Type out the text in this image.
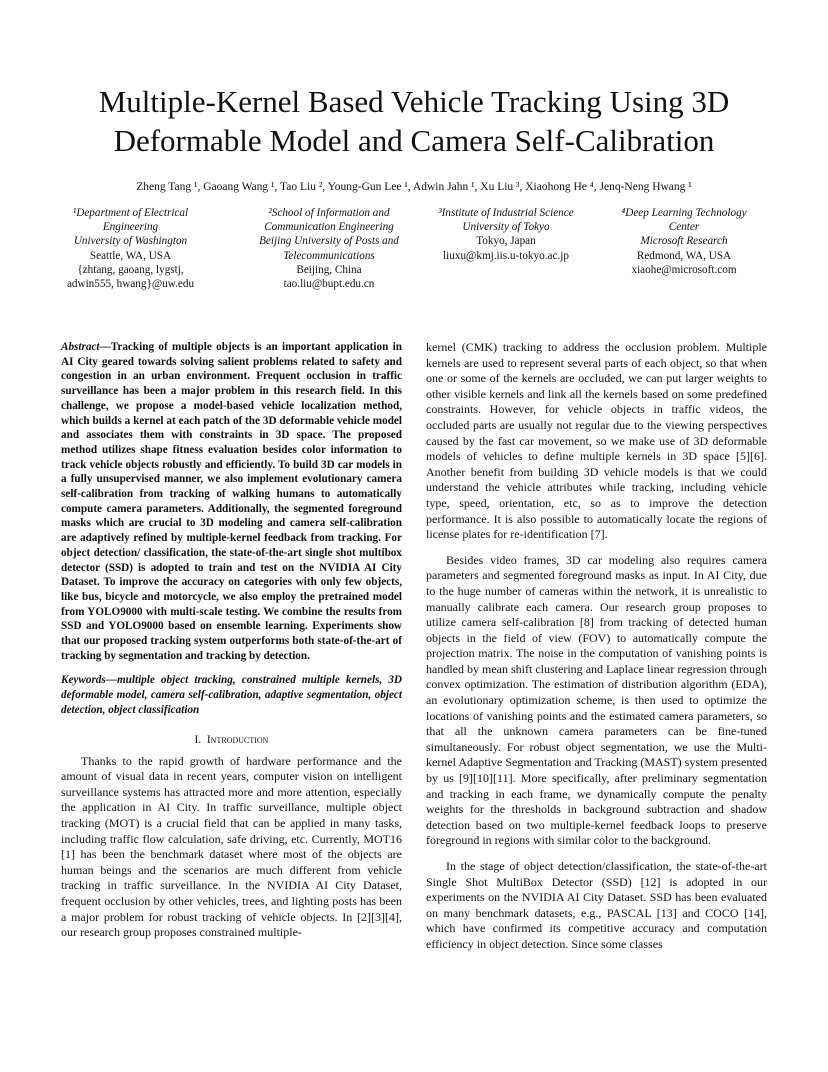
Multiple-Kernel Based Vehicle Tracking Using 3D
Deformable Model and Camera Self-Calibration
Zheng Tang ¹, Gaoang Wang ¹, Tao Liu ², Young-Gun Lee ¹, Adwin Jahn ¹, Xu Liu ³, Xiaohong He ⁴, Jenq-Neng Hwang ¹
¹Department of Electrical
Engineering
University of Washington
Seattle, WA, USA
{zhtang, gaoang, lygstj,
adwin555, hwang}@uw.edu
²School of Information and
Communication Engineering
Beijing University of Posts and
Telecommunications
Beijing, China
tao.liu@bupt.edu.cn
³Institute of Industrial Science
University of Tokyo
Tokyo, Japan
liuxu@kmj.iis.u-tokyo.ac.jp
⁴Deep Learning Technology
Center
Microsoft Research
Redmond, WA, USA
xiaohe@microsoft.com

Abstract—Tracking of multiple objects is an important application in AI City geared towards solving salient problems related to safety and congestion in an urban environment. Frequent occlusion in traffic surveillance has been a major problem in this research field. In this challenge, we propose a model-based vehicle localization method, which builds a kernel at each patch of the 3D deformable vehicle model and associates them with constraints in 3D space. The proposed method utilizes shape fitness evaluation besides color information to track vehicle objects robustly and efficiently. To build 3D car models in a fully unsupervised manner, we also implement evolutionary camera self-calibration from tracking of walking humans to automatically compute camera parameters. Additionally, the segmented foreground masks which are crucial to 3D modeling and camera self-calibration are adaptively refined by multiple-kernel feedback from tracking. For object detection/ classification, the state-of-the-art single shot multibox detector (SSD) is adopted to train and test on the NVIDIA AI City Dataset. To improve the accuracy on categories with only few objects, like bus, bicycle and motorcycle, we also employ the pretrained model from YOLO9000 with multi-scale testing. We combine the results from SSD and YOLO9000 based on ensemble learning. Experiments show that our proposed tracking system outperforms both state-of-the-art of tracking by segmentation and tracking by detection.

Keywords—multiple object tracking, constrained multiple kernels, 3D deformable model, camera self-calibration, adaptive segmentation, object detection, object classification

I. Introduction

Thanks to the rapid growth of hardware performance and the amount of visual data in recent years, computer vision on intelligent surveillance systems has attracted more and more attention, especially the application in AI City. In traffic surveillance, multiple object tracking (MOT) is a crucial field that can be applied in many tasks, including traffic flow calculation, safe driving, etc. Currently, MOT16 [1] has been the benchmark dataset where most of the objects are human beings and the scenarios are much different from vehicle tracking in traffic surveillance. In the NVIDIA AI City Dataset, frequent occlusion by other vehicles, trees, and lighting posts has been a major problem for robust tracking of vehicle objects. In [2][3][4], our research group proposes constrained multiple-

kernel (CMK) tracking to address the occlusion problem. Multiple kernels are used to represent several parts of each object, so that when one or some of the kernels are occluded, we can put larger weights to other visible kernels and link all the kernels based on some predefined constraints. However, for vehicle objects in traffic videos, the occluded parts are usually not regular due to the viewing perspectives caused by the fast car movement, so we make use of 3D deformable models of vehicles to define multiple kernels in 3D space [5][6]. Another benefit from building 3D vehicle models is that we could understand the vehicle attributes while tracking, including vehicle type, speed, orientation, etc, so as to improve the detection performance. It is also possible to automatically locate the regions of license plates for re-identification [7].

Besides video frames, 3D car modeling also requires camera parameters and segmented foreground masks as input. In AI City, due to the huge number of cameras within the network, it is unrealistic to manually calibrate each camera. Our research group proposes to utilize camera self-calibration [8] from tracking of detected human objects in the field of view (FOV) to automatically compute the projection matrix. The noise in the computation of vanishing points is handled by mean shift clustering and Laplace linear regression through convex optimization. The estimation of distribution algorithm (EDA), an evolutionary optimization scheme, is then used to optimize the locations of vanishing points and the estimated camera parameters, so that all the unknown camera parameters can be fine-tuned simultaneously. For robust object segmentation, we use the Multi-kernel Adaptive Segmentation and Tracking (MAST) system presented by us [9][10][11]. More specifically, after preliminary segmentation and tracking in each frame, we dynamically compute the penalty weights for the thresholds in background subtraction and shadow detection based on two multiple-kernel feedback loops to preserve foreground in regions with similar color to the background.

In the stage of object detection/classification, the state-of-the-art Single Shot MultiBox Detector (SSD) [12] is adopted in our experiments on the NVIDIA AI City Dataset. SSD has been evaluated on many benchmark datasets, e.g., PASCAL [13] and COCO [14], which have confirmed its competitive accuracy and computation efficiency in object detection. Since some classes
